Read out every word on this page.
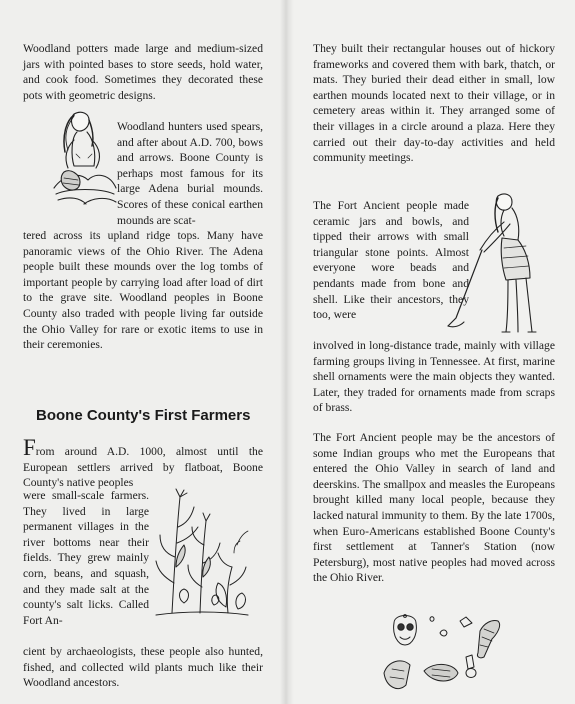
Woodland potters made large and medium-sized jars with pointed bases to store seeds, hold water, and cook food. Sometimes they decorated these pots with geometric designs.

Woodland hunters used spears, and after about A.D. 700, bows and arrows. Boone County is perhaps most famous for its large Adena burial mounds. Scores of these conical earthen mounds are scat-

tered across its upland ridge tops. Many have panoramic views of the Ohio River. The Adena people built these mounds over the log tombs of important people by carrying load after load of dirt to the grave site. Woodland peoples in Boone County also traded with people living far outside the Ohio Valley for rare or exotic items to use in their ceremonies.

Boone County's First Farmers

From around A.D. 1000, almost until the European settlers arrived by flatboat, Boone County's native peoples

were small-scale farmers. They lived in large permanent villages in the river bottoms near their fields. They grew mainly corn, beans, and squash, and they made salt at the county's salt licks. Called Fort An-

cient by archaeologists, these people also hunted, fished, and collected wild plants much like their Woodland ancestors.

They built their rectangular houses out of hickory frameworks and covered them with bark, thatch, or mats. They buried their dead either in small, low earthen mounds located next to their village, or in cemetery areas within it. They arranged some of their villages in a circle around a plaza. Here they carried out their day-to-day activities and held community meetings.

The Fort Ancient people made ceramic jars and bowls, and tipped their arrows with small triangular stone points. Almost everyone wore beads and pendants made from bone and shell. Like their ancestors, they too, were

involved in long-distance trade, mainly with village farming groups living in Tennessee. At first, marine shell ornaments were the main objects they wanted. Later, they traded for ornaments made from scraps of brass.

The Fort Ancient people may be the ancestors of some Indian groups who met the Europeans that entered the Ohio Valley in search of land and deerskins. The smallpox and measles the Europeans brought killed many local people, because they lacked natural immunity to them. By the late 1700s, when Euro-Americans established Boone County's first settlement at Tanner's Station (now Petersburg), most native peoples had moved across the Ohio River.
